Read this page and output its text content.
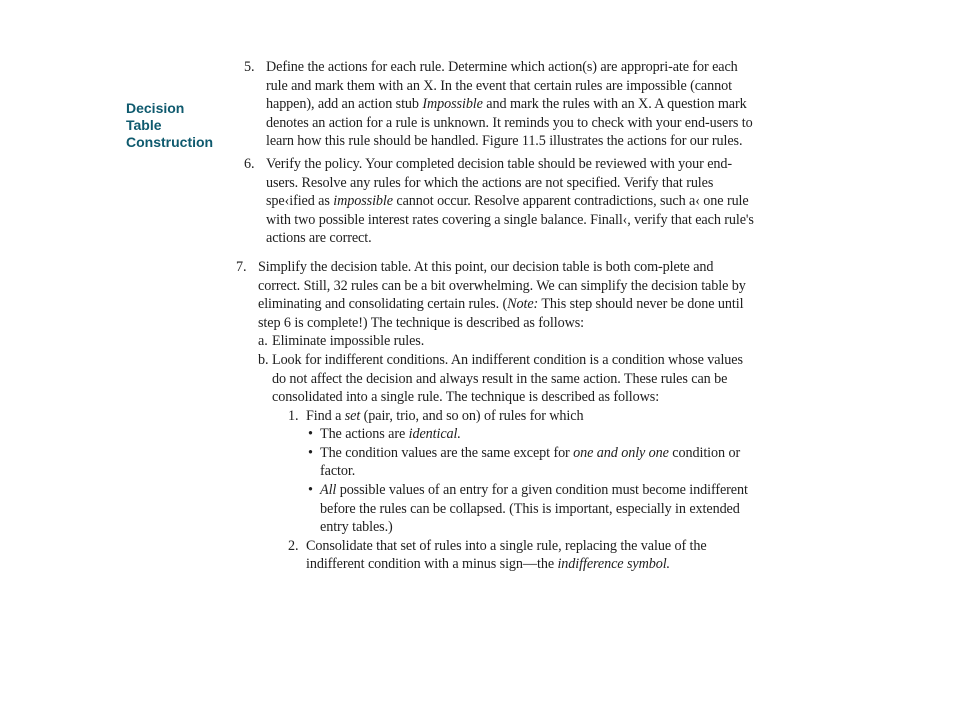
Decision
Table
Construction
5. Define the actions for each rule. Determine which action(s) are appropri-ate for each rule and mark them with an X. In the event that certain rules are impossible (cannot happen), add an action stub Impossible and mark the rules with an X. A question mark denotes an action for a rule is unknown. It reminds you to check with your end-users to learn how this rule should be handled. Figure 11.5 illustrates the actions for our rules.
6. Verify the policy. Your completed decision table should be reviewed with your end-users. Resolve any rules for which the actions are not specified. Verify that rules spe‹ified as impossible cannot occur. Resolve apparent contradictions, such a‹ one rule with two possible interest rates covering a single balance. Finall‹, verify that each rule's actions are correct.
7. Simplify the decision table. At this point, our decision table is both com-plete and correct. Still, 32 rules can be a bit overwhelming. We can simplify the decision table by eliminating and consolidating certain rules. (Note: This step should never be done until step 6 is complete!) The technique is described as follows:
a. Eliminate impossible rules.
b. Look for indifferent conditions. An indifferent condition is a condition whose values do not affect the decision and always result in the same action. These rules can be consolidated into a single rule. The technique is described as follows:
1. Find a set (pair, trio, and so on) of rules for which
• The actions are identical.
• The condition values are the same except for one and only one condition or factor.
• All possible values of an entry for a given condition must become indifferent before the rules can be collapsed. (This is important, especially in extended entry tables.)
2. Consolidate that set of rules into a single rule, replacing the value of the indifferent condition with a minus sign—the indifference symbol.
